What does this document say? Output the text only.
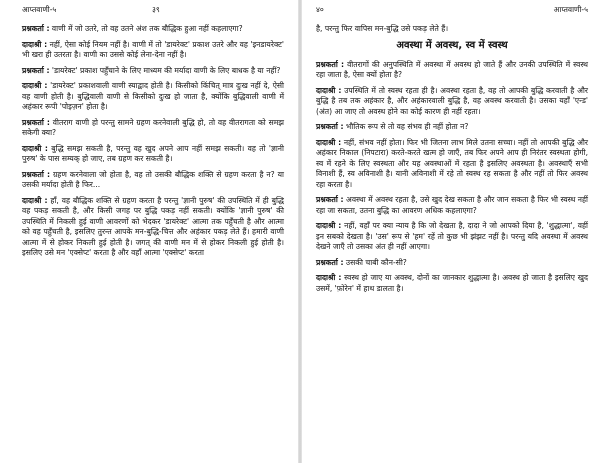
आप्तवाणी-५	३९

प्रश्नकर्ता : वाणी में जो उतरे, तो वह उतने अंश तक बौद्धिक हुआ नहीं कहलाएगा?

दादाश्री : नहीं, ऐसा कोई नियम नहीं है। वाणी में तो 'डायरेक्ट' प्रकाश उतरे और वह 'इनडायरेक्ट' भी खरा ही उतरता है। वाणी का उससे कोई लेना-देना नहीं है।

प्रश्नकर्ता : 'डायरेक्ट' प्रकाश पहुँचाने के लिए माध्यम की मर्यादा वाणी के लिए बाधक है या नहीं?

दादाश्री : 'डायरेक्ट' प्रकाशवाली वाणी स्याद्वाद होती है। किसीको किंचित् मात्र दुःख नहीं दे, ऐसी वह वाणी होती है। बुद्धिवाली वाणी से किसीको दुःख हो जाता है, क्योंकि बुद्धिवाली वाणी में अहंकार रूपी 'पोइज़न' होता है।

प्रश्नकर्ता : वीतराग वाणी हो परन्तु सामने ग्रहण करनेवाली बुद्धि हो, तो वह वीतरागता को समझ सकेगी क्या?

दादाश्री : बुद्धि समझ सकती है, परन्तु वह खुद अपने आप नहीं समझ सकती। वह तो 'ज्ञानी पुरुष' के पास सम्यक् हो जाए, तब ग्रहण कर सकती है।

प्रश्नकर्ता : ग्रहण करनेवाला जो होता है, वह तो उसकी बौद्धिक शक्ति से ग्रहण करता है न? या उसकी मर्यादा होती है फिर...

दादाश्री : हाँ, वह बौद्धिक शक्ति से ग्रहण करता है परन्तु 'ज्ञानी पुरुष' की उपस्थिति में ही बुद्धि वह पकड़ सकती है, और किसी जगह पर बुद्धि पकड़ नहीं सकती। क्योंकि 'ज्ञानी पुरुष' की उपस्थिति में निकली हुई वाणी आवरणों को भेदकर 'डायरेक्ट' आत्मा तक पहुँचती है और आत्मा को वह पहुँचती है, इसलिए तुरन्त आपके मन-बुद्धि-चित्त और अहंकार पकड़ लेते हैं। हमारी वाणी आत्मा में से होकर निकली हुई होती है। जगत् की वाणी मन में से होकर निकली हुई होती है। इसलिए उसे मन 'एक्सेप्ट' करता है और वहाँ आत्मा 'एक्सेप्ट' करता

४०	आप्तवाणी-५

है, परन्तु फिर वापिस मन-बुद्धि उसे पकड़ लेते हैं।

अवस्था में अवस्थ, स्व में स्वस्थ

प्रश्नकर्ता : वीतरागों की अनुपस्थिति में अवस्था में अवस्थ हो जाते हैं और उनकी उपस्थिति में स्वस्थ रहा जाता है, ऐसा क्यों होता है?

दादाश्री : उपस्थिति में तो स्वस्थ रहता ही है। अवस्था रहता है, वह तो आपकी बुद्धि करवाती है और बुद्धि है तब तक अहंकार है, और अहंकारवाली बुद्धि है, वह अवस्थ करवाती है। उसका यहाँ 'एन्ड' (अंत) आ जाए तो अवस्थ होने का कोई कारण ही नहीं रहता।

प्रश्नकर्ता : भौतिक रूप से तो वह संभव ही नहीं होता न?

दादाश्री : नहीं, संभव नहीं होता। फिर भी जितना लाभ मिले उतना सच्चा। नहीं तो आपकी बुद्धि और अहंकार निकाल (निपटारा) करते-करते खत्म हो जाएँ, तब फिर अपने आप ही निरंतर स्वस्थता होगी, स्व में रहने के लिए स्वस्थता और यह अवस्थाओं में रहता है इसलिए अवस्थता है। अवस्थाएँ सभी विनाशी हैं, स्व अविनाशी है। यानी अविनाशी में रहे तो स्वस्थ रह सकता है और नहीं तो फिर अवस्थ रहा करता है।

प्रश्नकर्ता : अवस्था में अवस्थ रहता है, उसे खुद देख सकता है और जान सकता है फिर भी स्वस्थ नहीं रहा जा सकता, उतना बुद्धि का आवरण अधिक कहलाएगा?

दादाश्री : नहीं, वहाँ पर क्या न्याय है कि जो देखता है, दादा ने जो आपको दिया है, 'शुद्धात्मा', वहीं इन सबको देखता है। 'उस' रूप से 'हम' रहें तो कुछ भी झंझट नहीं है। परन्तु यदि अवस्था में अवस्थ देखने जाएँ तो उसका अंत ही नहीं आएगा।

प्रश्नकर्ता : उसकी चाबी कौन-सी?

दादाश्री : स्वस्थ हो जाए या अवस्थ, दोनों का जानकार शुद्धात्मा है। अवस्थ हो जाता है इसलिए खुद उसमें, 'फ़ोरेन' में हाथ डालता है।
